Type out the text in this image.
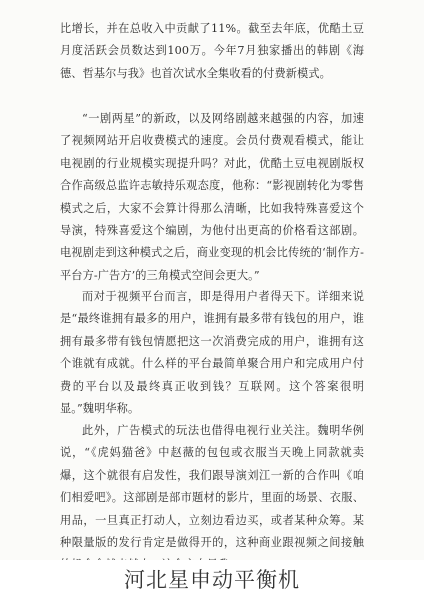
比增长，并在总收入中贡献了11%。截至去年底，优酷土豆月度活跃会员数达到100万。今年7月独家播出的韩剧《海德、哲基尔与我》也首次试水全集收看的付费新模式。

“一剧两星”的新政，以及网络剧越来越强的内容，加速了视频网站开启收费模式的速度。会员付费观看模式，能让电视剧的行业规模实现提升吗？对此，优酷土豆电视剧版权合作高级总监许志敏持乐观态度，他称：“影视剧转化为零售模式之后，大家不会算计得那么清晰，比如我特殊喜爱这个导演，特殊喜爱这个编剧，为他付出更高的价格看这部剧。电视剧走到这种模式之后，商业变现的机会比传统的‘制作方-平台方-广告方’的三角模式空间会更大。”

而对于视频平台而言，即是得用户者得天下。详细来说是“最终谁拥有最多的用户，谁拥有最多带有钱包的用户，谁拥有最多带有钱包情愿把这一次消费完成的用户，谁拥有这个谁就有成就。什么样的平台最简单聚合用户和完成用户付费的平台以及最终真正收到钱？互联网。这个答案很明显。”魏明华称。

此外，广告模式的玩法也借得电视行业关注。魏明华例说，“《虎妈猫爸》中赵薇的包包或衣服当天晚上同款就卖爆，这个就很有启发性，我们跟导演刘江一新的合作叫《咱们相爱吧》。这部剧是部市题材的影片，里面的场景、衣服、用品，一旦真正打动人，立刻边看边买，或者某种众筹。某种限量版的发行肯定是做得开的，这种商业跟视频之间接触

河北星申动平衡机
